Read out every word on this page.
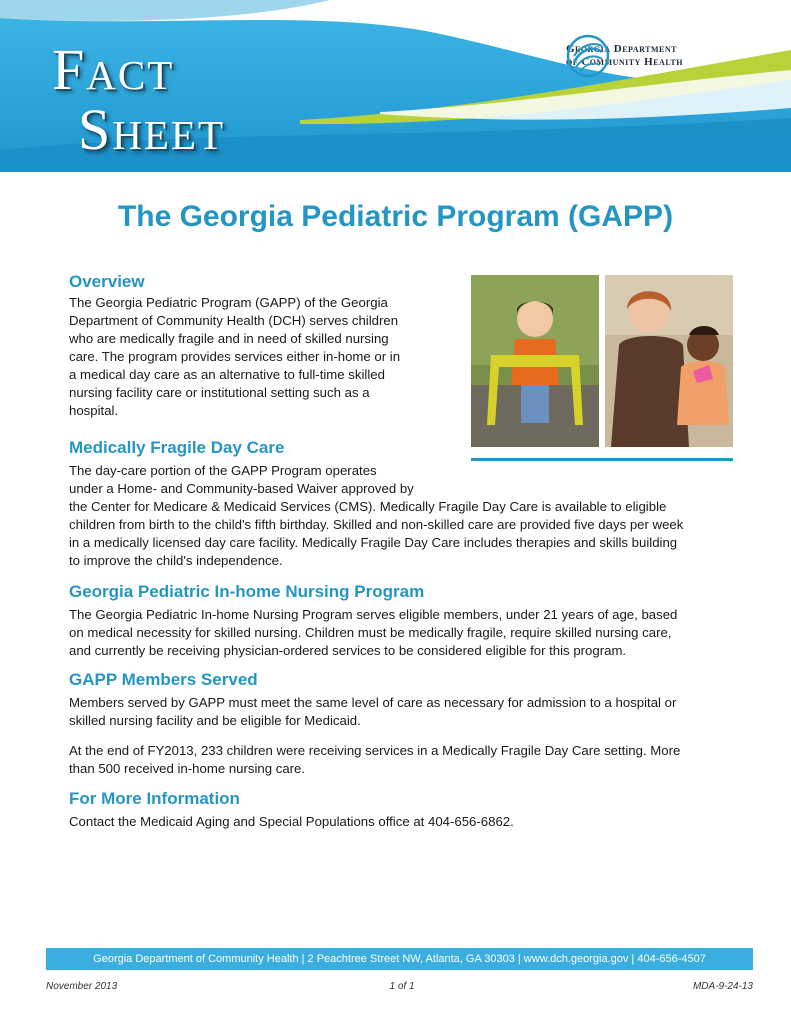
Fact
Sheet
Georgia Department
of Community Health
The Georgia Pediatric Program (GAPP)
Overview
The Georgia Pediatric Program (GAPP) of the Georgia
Department of Community Health (DCH) serves children
who are medically fragile and in need of skilled nursing
care. The program provides services either in-home or in
a medical day care as an alternative to full-time skilled
nursing facility care or institutional setting such as a
hospital.
Medically Fragile Day Care
The day-care portion of the GAPP Program operates
under a Home- and Community-based Waiver approved by
the Center for Medicare & Medicaid Services (CMS). Medically Fragile Day Care is available to eligible
children from birth to the child's fifth birthday. Skilled and non-skilled care are provided five days per week
in a medically licensed day care facility. Medically Fragile Day Care includes therapies and skills building
to improve the child's independence.
Georgia Pediatric In-home Nursing Program
The Georgia Pediatric In-home Nursing Program serves eligible members, under 21 years of age, based
on medical necessity for skilled nursing. Children must be medically fragile, require skilled nursing care,
and currently be receiving physician-ordered services to be considered eligible for this program.
GAPP Members Served
Members served by GAPP must meet the same level of care as necessary for admission to a hospital or
skilled nursing facility and be eligible for Medicaid.
At the end of FY2013, 233 children were receiving services in a Medically Fragile Day Care setting. More
than 500 received in-home nursing care.
For More Information
Contact the Medicaid Aging and Special Populations office at 404-656-6862.
Georgia Department of Community Health | 2 Peachtree Street NW, Atlanta, GA 30303 | www.dch.georgia.gov | 404-656-4507
November 2013	1 of 1	MDA-9-24-13
